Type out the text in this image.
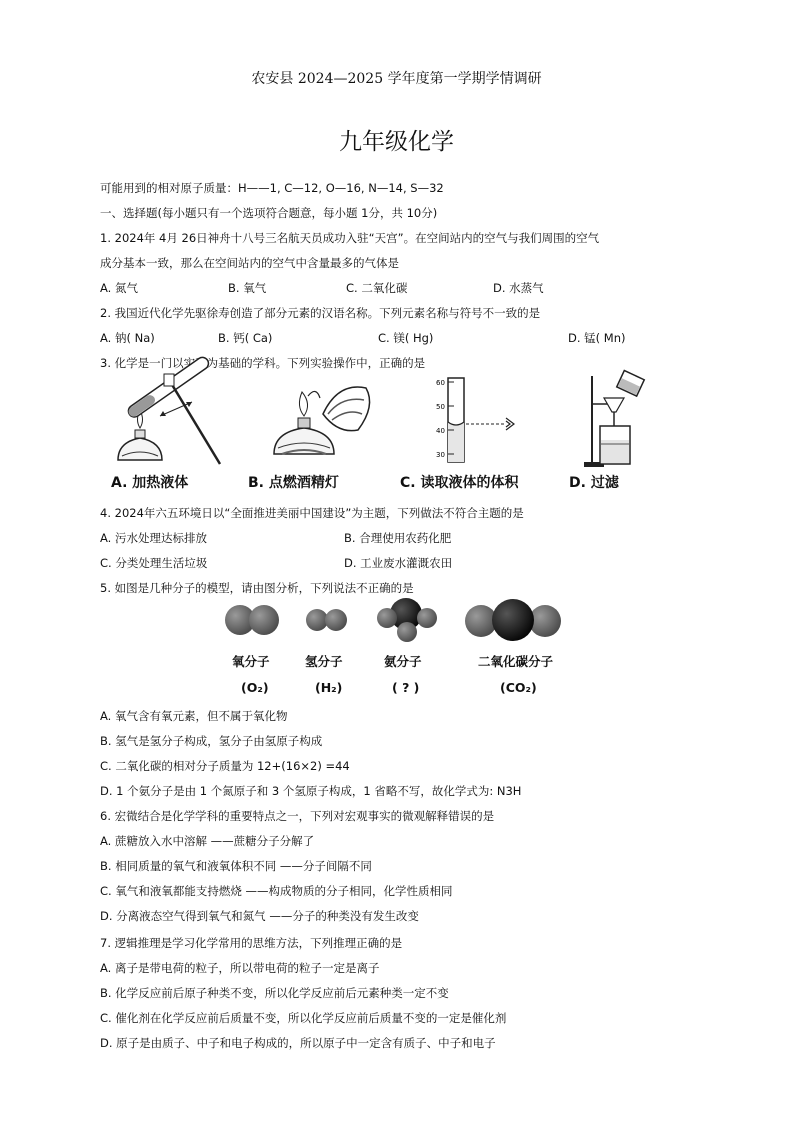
农安县 2024—2025 学年度第一学期学情调研
九年级化学
可能用到的相对原子质量：H——1, C—12, O—16, N—14, S—32
一、选择题(每小题只有一个选项符合题意，每小题 1分，共 10分)
1. 2024年 4月 26日神舟十八号三名航天员成功入驻“天宫”。在空间站内的空气与我们周围的空气
成分基本一致，那么在空间站内的空气中含量最多的气体是
A. 氮气	B. 氧气	C. 二氧化碳	D. 水蒸气
2. 我国近代化学先驱徐寿创造了部分元素的汉语名称。下列元素名称与符号不一致的是
A. 钠( Na)	B. 钙( Ca)	C. 镁( Hg)	D. 锰( Mn)
3. 化学是一门以实验为基础的学科。下列实验操作中，正确的是
A. 加热液体	B. 点燃酒精灯
60
50
40
30
C. 读取液体的体积	D. 过滤
4. 2024年六五环境日以“全面推进美丽中国建设”为主题，下列做法不符合主题的是
A. 污水处理达标排放	B. 合理使用农药化肥
C. 分类处理生活垃圾	D. 工业废水灌溉农田
5. 如图是几种分子的模型，请由图分析，下列说法不正确的是
氧分子	氢分子	氨分子	二氧化碳分子
(O₂)	(H₂)	( ? )	(CO₂)
A. 氧气含有氧元素，但不属于氧化物
B. 氢气是氢分子构成，氢分子由氢原子构成
C. 二氧化碳的相对分子质量为 12+(16×2) =44
D. 1 个氨分子是由 1 个氮原子和 3 个氢原子构成，1 省略不写，故化学式为: N3H
6. 宏微结合是化学学科的重要特点之一，下列对宏观事实的微观解释错误的是
A. 蔗糖放入水中溶解 ——蔗糖分子分解了
B. 相同质量的氧气和液氧体积不同 ——分子间隔不同
C. 氧气和液氧都能支持燃烧 ——构成物质的分子相同，化学性质相同
D. 分离液态空气得到氧气和氮气 ——分子的种类没有发生改变
7. 逻辑推理是学习化学常用的思维方法，下列推理正确的是
A. 离子是带电荷的粒子，所以带电荷的粒子一定是离子
B. 化学反应前后原子种类不变，所以化学反应前后元素种类一定不变
C. 催化剂在化学反应前后质量不变，所以化学反应前后质量不变的一定是催化剂
D. 原子是由质子、中子和电子构成的，所以原子中一定含有质子、中子和电子
